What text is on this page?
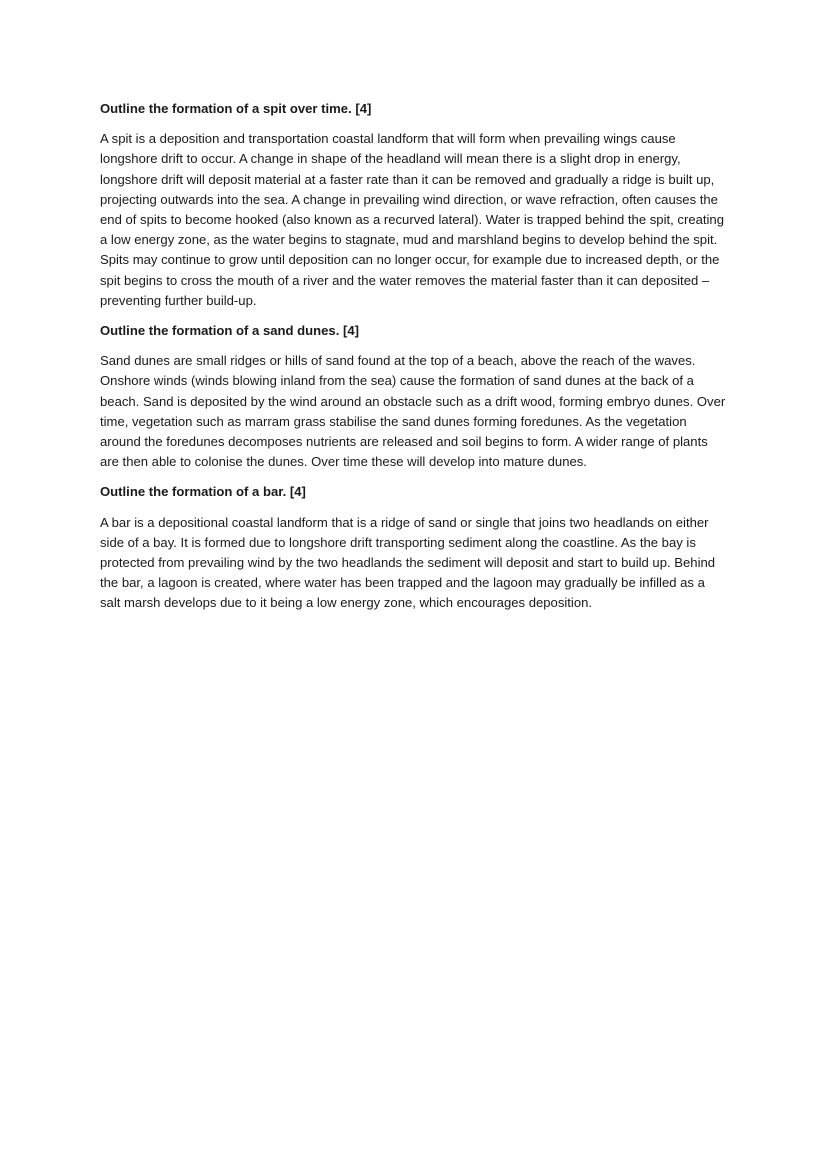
Outline the formation of a spit over time. [4]
A spit is a deposition and transportation coastal landform that will form when prevailing wings cause longshore drift to occur. A change in shape of the headland will mean there is a slight drop in energy, longshore drift will deposit material at a faster rate than it can be removed and gradually a ridge is built up, projecting outwards into the sea. A change in prevailing wind direction, or wave refraction, often causes the end of spits to become hooked (also known as a recurved lateral). Water is trapped behind the spit, creating a low energy zone, as the water begins to stagnate, mud and marshland begins to develop behind the spit. Spits may continue to grow until deposition can no longer occur, for example due to increased depth, or the spit begins to cross the mouth of a river and the water removes the material faster than it can deposited – preventing further build-up.
Outline the formation of a sand dunes. [4]
Sand dunes are small ridges or hills of sand found at the top of a beach, above the reach of the waves. Onshore winds (winds blowing inland from the sea) cause the formation of sand dunes at the back of a beach. Sand is deposited by the wind around an obstacle such as a drift wood, forming embryo dunes. Over time, vegetation such as marram grass stabilise the sand dunes forming foredunes. As the vegetation around the foredunes decomposes nutrients are released and soil begins to form. A wider range of plants are then able to colonise the dunes. Over time these will develop into mature dunes.
Outline the formation of a bar. [4]
A bar is a depositional coastal landform that is a ridge of sand or single that joins two headlands on either side of a bay. It is formed due to longshore drift transporting sediment along the coastline. As the bay is protected from prevailing wind by the two headlands the sediment will deposit and start to build up. Behind the bar, a lagoon is created, where water has been trapped and the lagoon may gradually be infilled as a salt marsh develops due to it being a low energy zone, which encourages deposition.
